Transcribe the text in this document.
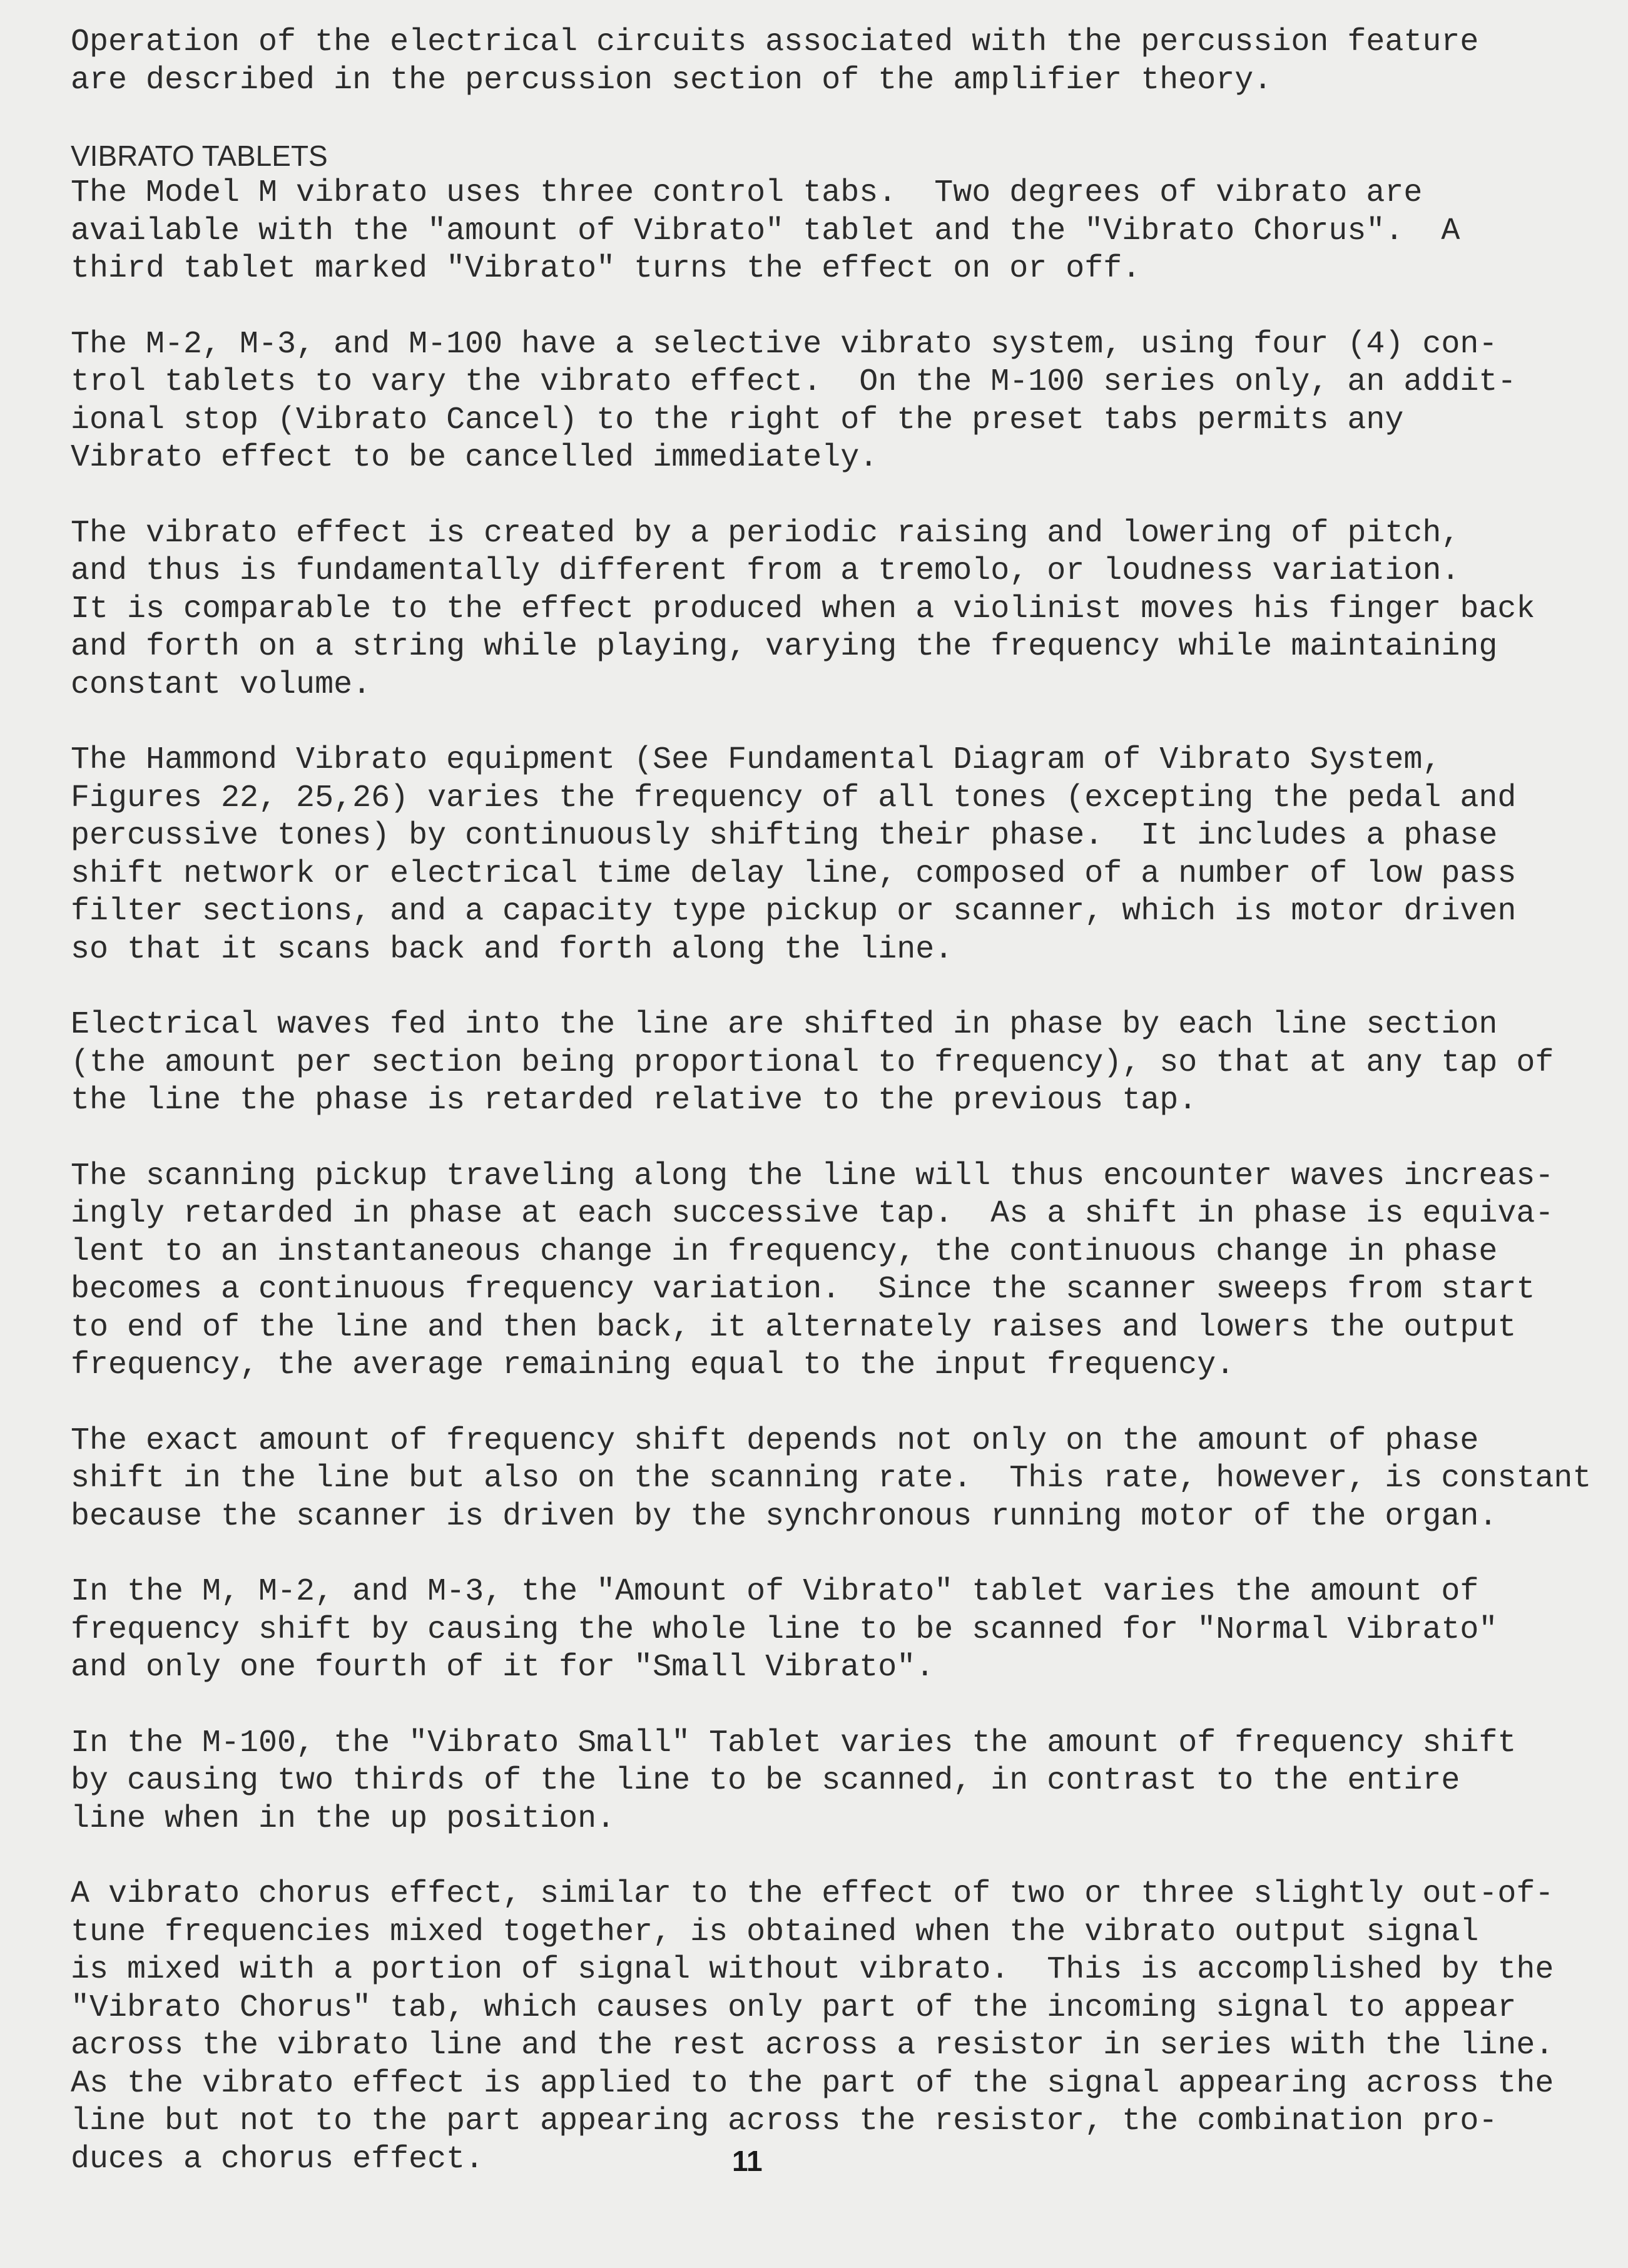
Operation of the electrical circuits associated with the percussion feature
are described in the percussion section of the amplifier theory.
VIBRATO TABLETS
The Model M vibrato uses three control tabs.  Two degrees of vibrato are
available with the "amount of Vibrato" tablet and the "Vibrato Chorus".  A
third tablet marked "Vibrato" turns the effect on or off.
The M-2, M-3, and M-100 have a selective vibrato system, using four (4) con-
trol tablets to vary the vibrato effect.  On the M-100 series only, an addit-
ional stop (Vibrato Cancel) to the right of the preset tabs permits any
Vibrato effect to be cancelled immediately.
The vibrato effect is created by a periodic raising and lowering of pitch,
and thus is fundamentally different from a tremolo, or loudness variation.
It is comparable to the effect produced when a violinist moves his finger back
and forth on a string while playing, varying the frequency while maintaining
constant volume.
The Hammond Vibrato equipment (See Fundamental Diagram of Vibrato System,
Figures 22, 25,26) varies the frequency of all tones (excepting the pedal and
percussive tones) by continuously shifting their phase.  It includes a phase
shift network or electrical time delay line, composed of a number of low pass
filter sections, and a capacity type pickup or scanner, which is motor driven
so that it scans back and forth along the line.
Electrical waves fed into the line are shifted in phase by each line section
(the amount per section being proportional to frequency), so that at any tap of
the line the phase is retarded relative to the previous tap.
The scanning pickup traveling along the line will thus encounter waves increas-
ingly retarded in phase at each successive tap.  As a shift in phase is equiva-
lent to an instantaneous change in frequency, the continuous change in phase
becomes a continuous frequency variation.  Since the scanner sweeps from start
to end of the line and then back, it alternately raises and lowers the output
frequency, the average remaining equal to the input frequency.
The exact amount of frequency shift depends not only on the amount of phase
shift in the line but also on the scanning rate.  This rate, however, is constant
because the scanner is driven by the synchronous running motor of the organ.
In the M, M-2, and M-3, the "Amount of Vibrato" tablet varies the amount of
frequency shift by causing the whole line to be scanned for "Normal Vibrato"
and only one fourth of it for "Small Vibrato".
In the M-100, the "Vibrato Small" Tablet varies the amount of frequency shift
by causing two thirds of the line to be scanned, in contrast to the entire
line when in the up position.
A vibrato chorus effect, similar to the effect of two or three slightly out-of-
tune frequencies mixed together, is obtained when the vibrato output signal
is mixed with a portion of signal without vibrato.  This is accomplished by the
"Vibrato Chorus" tab, which causes only part of the incoming signal to appear
across the vibrato line and the rest across a resistor in series with the line.
As the vibrato effect is applied to the part of the signal appearing across the
line but not to the part appearing across the resistor, the combination pro-
duces a chorus effect.	11
